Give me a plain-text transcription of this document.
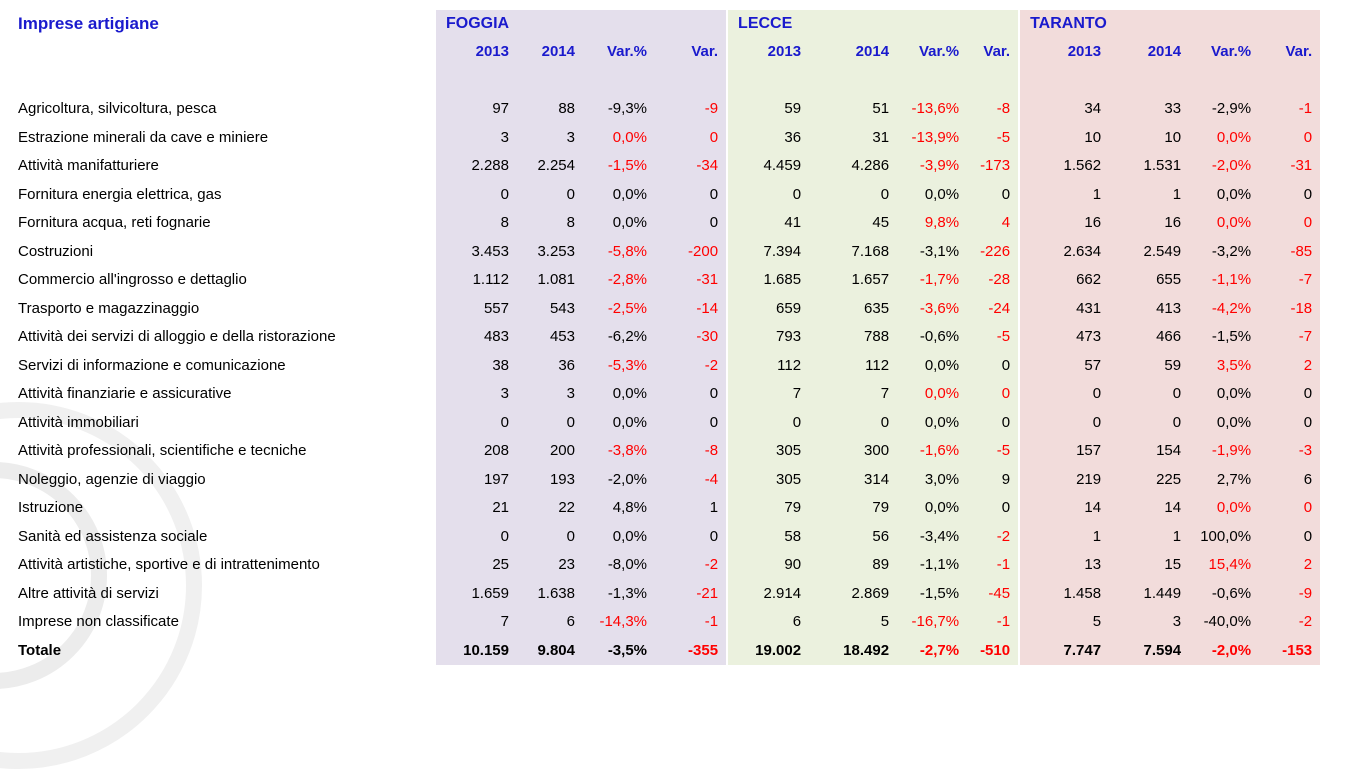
Imprese artigiane	FOGGIA				LECCE				TARANTO			
	2013	2014	Var.%	Var.	2013	2014	Var.%	Var.	2013	2014	Var.%	Var.

Agricoltura, silvicoltura, pesca	97	88	-9,3%	-9	59	51	-13,6%	-8	34	33	-2,9%	-1
Estrazione minerali da cave e miniere	3	3	0,0%	0	36	31	-13,9%	-5	10	10	0,0%	0
Attività manifatturiere	2.288	2.254	-1,5%	-34	4.459	4.286	-3,9%	-173	1.562	1.531	-2,0%	-31
Fornitura energia elettrica, gas	0	0	0,0%	0	0	0	0,0%	0	1	1	0,0%	0
Fornitura acqua, reti fognarie	8	8	0,0%	0	41	45	9,8%	4	16	16	0,0%	0
Costruzioni	3.453	3.253	-5,8%	-200	7.394	7.168	-3,1%	-226	2.634	2.549	-3,2%	-85
Commercio all'ingrosso e dettaglio	1.112	1.081	-2,8%	-31	1.685	1.657	-1,7%	-28	662	655	-1,1%	-7
Trasporto e magazzinaggio	557	543	-2,5%	-14	659	635	-3,6%	-24	431	413	-4,2%	-18
Attività dei servizi di alloggio e della ristorazione	483	453	-6,2%	-30	793	788	-0,6%	-5	473	466	-1,5%	-7
Servizi di informazione e comunicazione	38	36	-5,3%	-2	112	112	0,0%	0	57	59	3,5%	2
Attività finanziarie e assicurative	3	3	0,0%	0	7	7	0,0%	0	0	0	0,0%	0
Attività immobiliari	0	0	0,0%	0	0	0	0,0%	0	0	0	0,0%	0
Attività professionali, scientifiche e tecniche	208	200	-3,8%	-8	305	300	-1,6%	-5	157	154	-1,9%	-3
Noleggio, agenzie di viaggio	197	193	-2,0%	-4	305	314	3,0%	9	219	225	2,7%	6
Istruzione	21	22	4,8%	1	79	79	0,0%	0	14	14	0,0%	0
Sanità ed assistenza sociale	0	0	0,0%	0	58	56	-3,4%	-2	1	1	100,0%	0
Attività artistiche, sportive e di intrattenimento	25	23	-8,0%	-2	90	89	-1,1%	-1	13	15	15,4%	2
Altre attività di servizi	1.659	1.638	-1,3%	-21	2.914	2.869	-1,5%	-45	1.458	1.449	-0,6%	-9
Imprese non classificate	7	6	-14,3%	-1	6	5	-16,7%	-1	5	3	-40,0%	-2
Totale	10.159	9.804	-3,5%	-355	19.002	18.492	-2,7%	-510	7.747	7.594	-2,0%	-153
